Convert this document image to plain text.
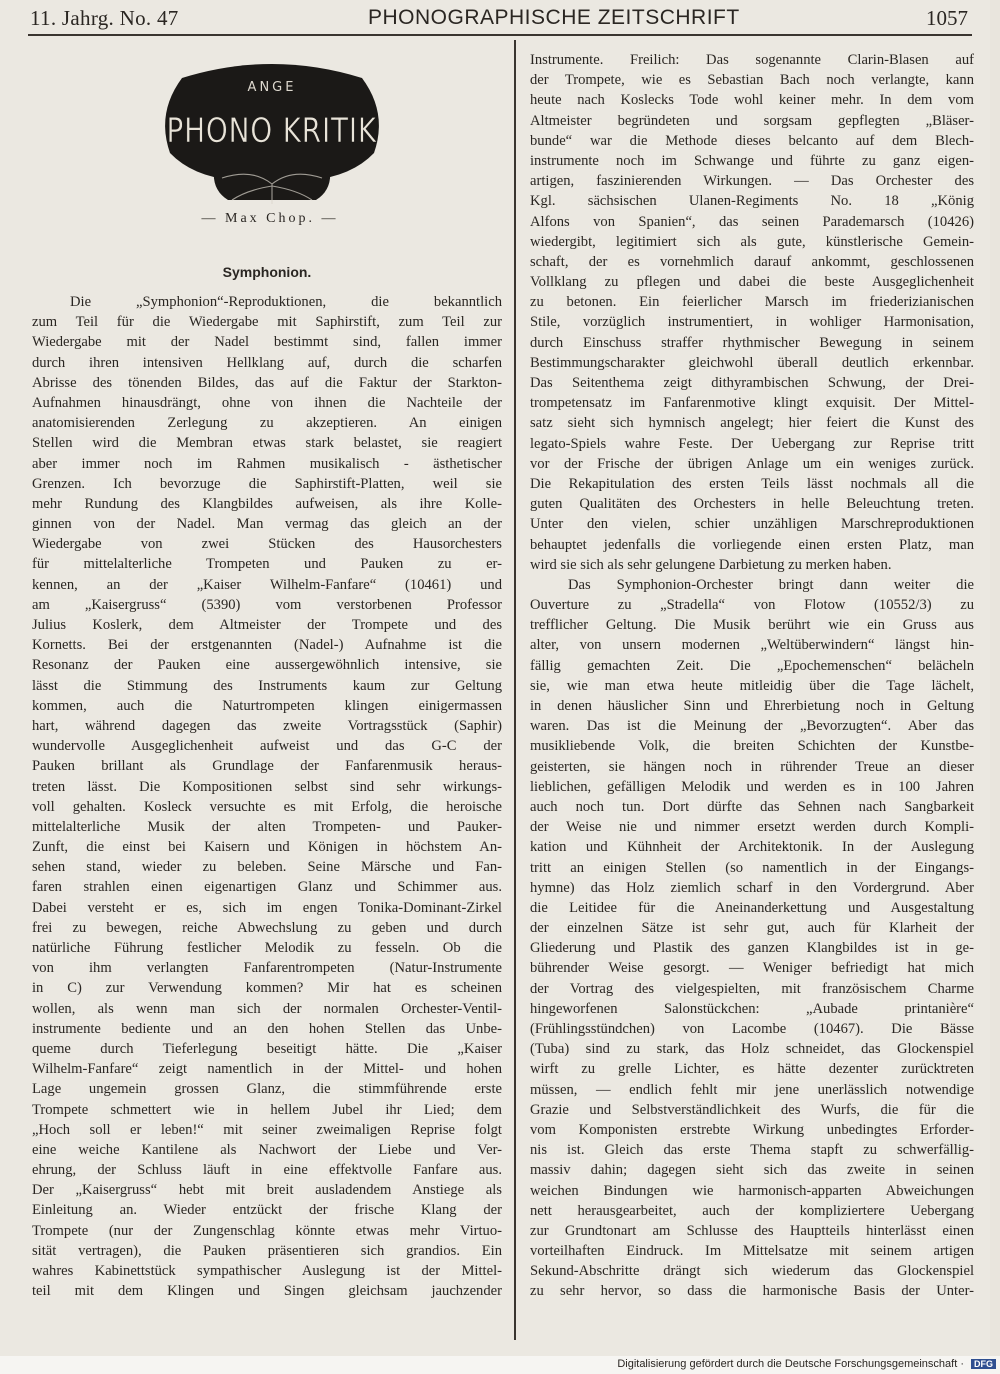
11. Jahrg. No. 47	PHONOGRAPHISCHE ZEITSCHRIFT	1057
ANGE
PHONO KRITIK
— Max Chop. —
Symphonion.
Die „Symphonion“-Reproduktionen, die bekanntlich
zum Teil für die Wiedergabe mit Saphirstift, zum Teil zur
Wiedergabe mit der Nadel bestimmt sind, fallen immer
durch ihren intensiven Hellklang auf, durch die scharfen
Abrisse des tönenden Bildes, das auf die Faktur der Starkton-
Aufnahmen hinausdrängt, ohne von ihnen die Nachteile der
anatomisierenden Zerlegung zu akzeptieren. An einigen
Stellen wird die Membran etwas stark belastet, sie reagiert
aber immer noch im Rahmen musikalisch - ästhetischer
Grenzen. Ich bevorzuge die Saphirstift-Platten, weil sie
mehr Rundung des Klangbildes aufweisen, als ihre Kolle-
ginnen von der Nadel. Man vermag das gleich an der
Wiedergabe von zwei Stücken des Hausorchesters
für mittelalterliche Trompeten und Pauken zu er-
kennen, an der „Kaiser Wilhelm-Fanfare“ (10461) und
am „Kaisergruss“ (5390) vom verstorbenen Professor
Julius Koslerk, dem Altmeister der Trompete und des
Kornetts. Bei der erstgenannten (Nadel-) Aufnahme ist die
Resonanz der Pauken eine aussergewöhnlich intensive, sie
lässt die Stimmung des Instruments kaum zur Geltung
kommen, auch die Naturtrompeten klingen einigermassen
hart, während dagegen das zweite Vortragsstück (Saphir)
wundervolle Ausgeglichenheit aufweist und das G-C der
Pauken brillant als Grundlage der Fanfarenmusik heraus-
treten lässt. Die Kompositionen selbst sind sehr wirkungs-
voll gehalten. Kosleck versuchte es mit Erfolg, die heroische
mittelalterliche Musik der alten Trompeten- und Pauker-
Zunft, die einst bei Kaisern und Königen in höchstem An-
sehen stand, wieder zu beleben. Seine Märsche und Fan-
faren strahlen einen eigenartigen Glanz und Schimmer aus.
Dabei versteht er es, sich im engen Tonika-Dominant-Zirkel
frei zu bewegen, reiche Abwechslung zu geben und durch
natürliche Führung festlicher Melodik zu fesseln. Ob die
von ihm verlangten Fanfarentrompeten (Natur-Instrumente
in C) zur Verwendung kommen? Mir hat es scheinen
wollen, als wenn man sich der normalen Orchester-Ventil-
instrumente bediente und an den hohen Stellen das Unbe-
queme durch Tieferlegung beseitigt hätte. Die „Kaiser
Wilhelm-Fanfare“ zeigt namentlich in der Mittel- und hohen
Lage ungemein grossen Glanz, die stimmführende erste
Trompete schmettert wie in hellem Jubel ihr Lied; dem
„Hoch soll er leben!“ mit seiner zweimaligen Reprise folgt
eine weiche Kantilene als Nachwort der Liebe und Ver-
ehrung, der Schluss läuft in eine effektvolle Fanfare aus.
Der „Kaisergruss“ hebt mit breit ausladendem Anstiege als
Einleitung an. Wieder entzückt der frische Klang der
Trompete (nur der Zungenschlag könnte etwas mehr Virtuo-
sität vertragen), die Pauken präsentieren sich grandios. Ein
wahres Kabinettstück sympathischer Auslegung ist der Mittel-
teil mit dem Klingen und Singen gleichsam jauchzender
Instrumente. Freilich: Das sogenannte Clarin-Blasen auf
der Trompete, wie es Sebastian Bach noch verlangte, kann
heute nach Koslecks Tode wohl keiner mehr. In dem vom
Altmeister begründeten und sorgsam gepflegten „Bläser-
bunde“ war die Methode dieses belcanto auf dem Blech-
instrumente noch im Schwange und führte zu ganz eigen-
artigen, faszinierenden Wirkungen. — Das Orchester des
Kgl. sächsischen Ulanen-Regiments No. 18 „König
Alfons von Spanien“, das seinen Parademarsch (10426)
wiedergibt, legitimiert sich als gute, künstlerische Gemein-
schaft, der es vornehmlich darauf ankommt, geschlossenen
Vollklang zu pflegen und dabei die beste Ausgeglichenheit
zu betonen. Ein feierlicher Marsch im friederizianischen
Stile, vorzüglich instrumentiert, in wohliger Harmonisation,
durch Einschuss straffer rhythmischer Bewegung in seinem
Bestimmungscharakter gleichwohl überall deutlich erkennbar.
Das Seitenthema zeigt dithyrambischen Schwung, der Drei-
trompetensatz im Fanfarenmotive klingt exquisit. Der Mittel-
satz sieht sich hymnisch angelegt; hier feiert die Kunst des
legato-Spiels wahre Feste. Der Uebergang zur Reprise tritt
vor der Frische der übrigen Anlage um ein weniges zurück.
Die Rekapitulation des ersten Teils lässt nochmals all die
guten Qualitäten des Orchesters in helle Beleuchtung treten.
Unter den vielen, schier unzähligen Marschreproduktionen
behauptet jedenfalls die vorliegende einen ersten Platz, man
wird sie sich als sehr gelungene Darbietung zu merken haben.
Das Symphonion-Orchester bringt dann weiter die
Ouverture zu „Stradella“ von Flotow (10552/3) zu
trefflicher Geltung. Die Musik berührt wie ein Gruss aus
alter, von unsern modernen „Weltüberwindern“ längst hin-
fällig gemachten Zeit. Die „Epochemenschen“ belächeln
sie, wie man etwa heute mitleidig über die Tage lächelt,
in denen häuslicher Sinn und Ehrerbietung noch in Geltung
waren. Das ist die Meinung der „Bevorzugten“. Aber das
musikliebende Volk, die breiten Schichten der Kunstbe-
geisterten, sie hängen noch in rührender Treue an dieser
lieblichen, gefälligen Melodik und werden es in 100 Jahren
auch noch tun. Dort dürfte das Sehnen nach Sangbarkeit
der Weise nie und nimmer ersetzt werden durch Kompli-
kation und Kühnheit der Architektonik. In der Auslegung
tritt an einigen Stellen (so namentlich in der Eingangs-
hymne) das Holz ziemlich scharf in den Vordergrund. Aber
die Leitidee für die Aneinanderkettung und Ausgestaltung
der einzelnen Sätze ist sehr gut, auch für Klarheit der
Gliederung und Plastik des ganzen Klangbildes ist in ge-
bührender Weise gesorgt. — Weniger befriedigt hat mich
der Vortrag des vielgespielten, mit französischem Charme
hingeworfenen Salonstückchen: „Aubade printanière“
(Frühlingsstündchen) von Lacombe (10467). Die Bässe
(Tuba) sind zu stark, das Holz schneidet, das Glockenspiel
wirft zu grelle Lichter, es hätte dezenter zurücktreten
müssen, — endlich fehlt mir jene unerlässlich notwendige
Grazie und Selbstverständlichkeit des Wurfs, die für die
vom Komponisten erstrebte Wirkung unbedingtes Erforder-
nis ist. Gleich das erste Thema stapft zu schwerfällig-
massiv dahin; dagegen sieht sich das zweite in seinen
weichen Bindungen wie harmonisch-apparten Abweichungen
nett herausgearbeitet, auch der kompliziertere Uebergang
zur Grundtonart am Schlusse des Hauptteils hinterlässt einen
vorteilhaften Eindruck. Im Mittelsatze mit seinem artigen
Sekund-Abschritte drängt sich wiederum das Glockenspiel
zu sehr hervor, so dass die harmonische Basis der Unter-
Digitalisierung gefördert durch die Deutsche Forschungsgemeinschaft ·	DFG
